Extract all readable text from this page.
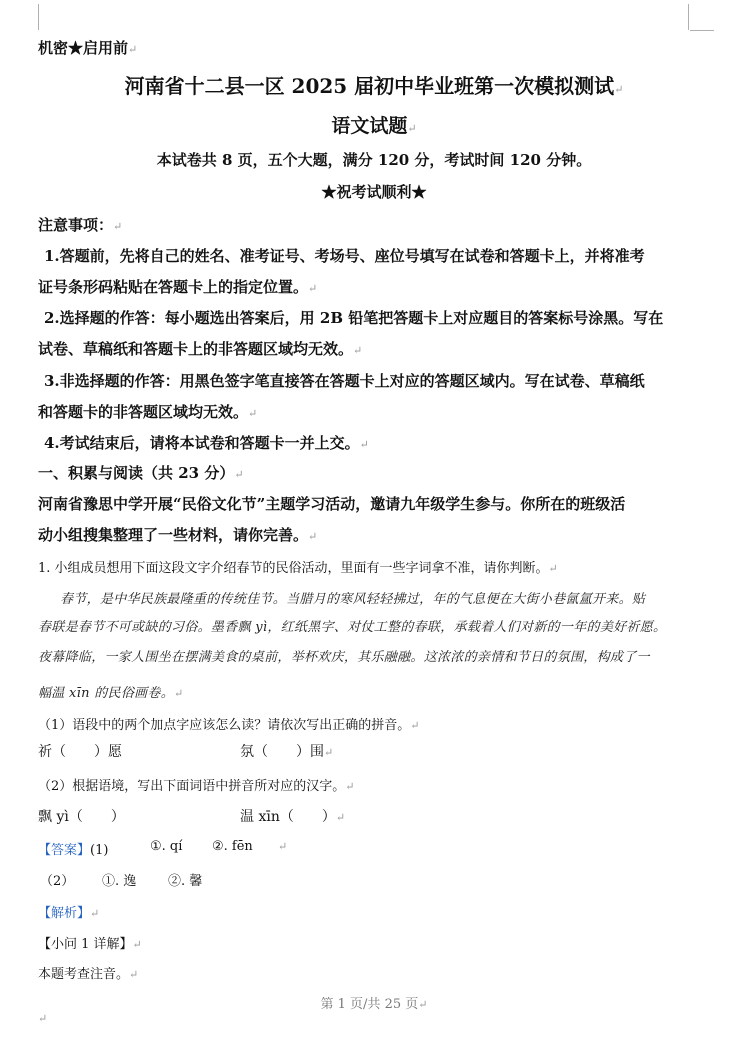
机密★启用前↵
河南省十二县一区 2025 届初中毕业班第一次模拟测试↵
语文试题↵
本试卷共 8 页，五个大题，满分 120 分，考试时间 120 分钟。
★祝考试顺利★
注意事项：↵
1.答题前，先将自己的姓名、准考证号、考场号、座位号填写在试卷和答题卡上，并将准考
证号条形码粘贴在答题卡上的指定位置。↵
2.选择题的作答：每小题选出答案后，用 2B 铅笔把答题卡上对应题目的答案标号涂黑。写在
试卷、草稿纸和答题卡上的非答题区域均无效。↵
3.非选择题的作答：用黑色签字笔直接答在答题卡上对应的答题区域内。写在试卷、草稿纸
和答题卡的非答题区域均无效。↵
4.考试结束后，请将本试卷和答题卡一并上交。↵
一、积累与阅读（共 23 分）↵
河南省豫思中学开展“民俗文化节”主题学习活动，邀请九年级学生参与。你所在的班级活
动小组搜集整理了一些材料，请你完善。↵
1. 小组成员想用下面这段文字介绍春节的民俗活动，里面有一些字词拿不准，请你判断。↵
春节，是中华民族最隆重的传统佳节。当腊月的寒风轻轻拂过，年的气息便在大街小巷氤氲开来。贴
春联是春节不可或缺的习俗。墨香飘 yì，红纸黑字、对仗工整的春联，承载着人们对新的一年的美好祈愿。
夜幕降临，一家人围坐在摆满美食的桌前，举杯欢庆，其乐融融。这浓浓的亲情和节日的氛围，构成了一
幅温 xīn 的民俗画卷。↵
（1）语段中的两个加点字应该怎么读？请依次写出正确的拼音。↵
祈（　　）愿	氛（　　）围↵
（2）根据语境，写出下面词语中拼音所对应的汉字。↵
飘 yì（　　）	温 xīn（　　）↵
【答案】(1)	①. qí ②. fēn ↵
（2） ①. 逸 ②. 馨
【解析】↵
【小问 1 详解】↵
本题考查注音。↵
第 1 页/共 25 页↵
↵
